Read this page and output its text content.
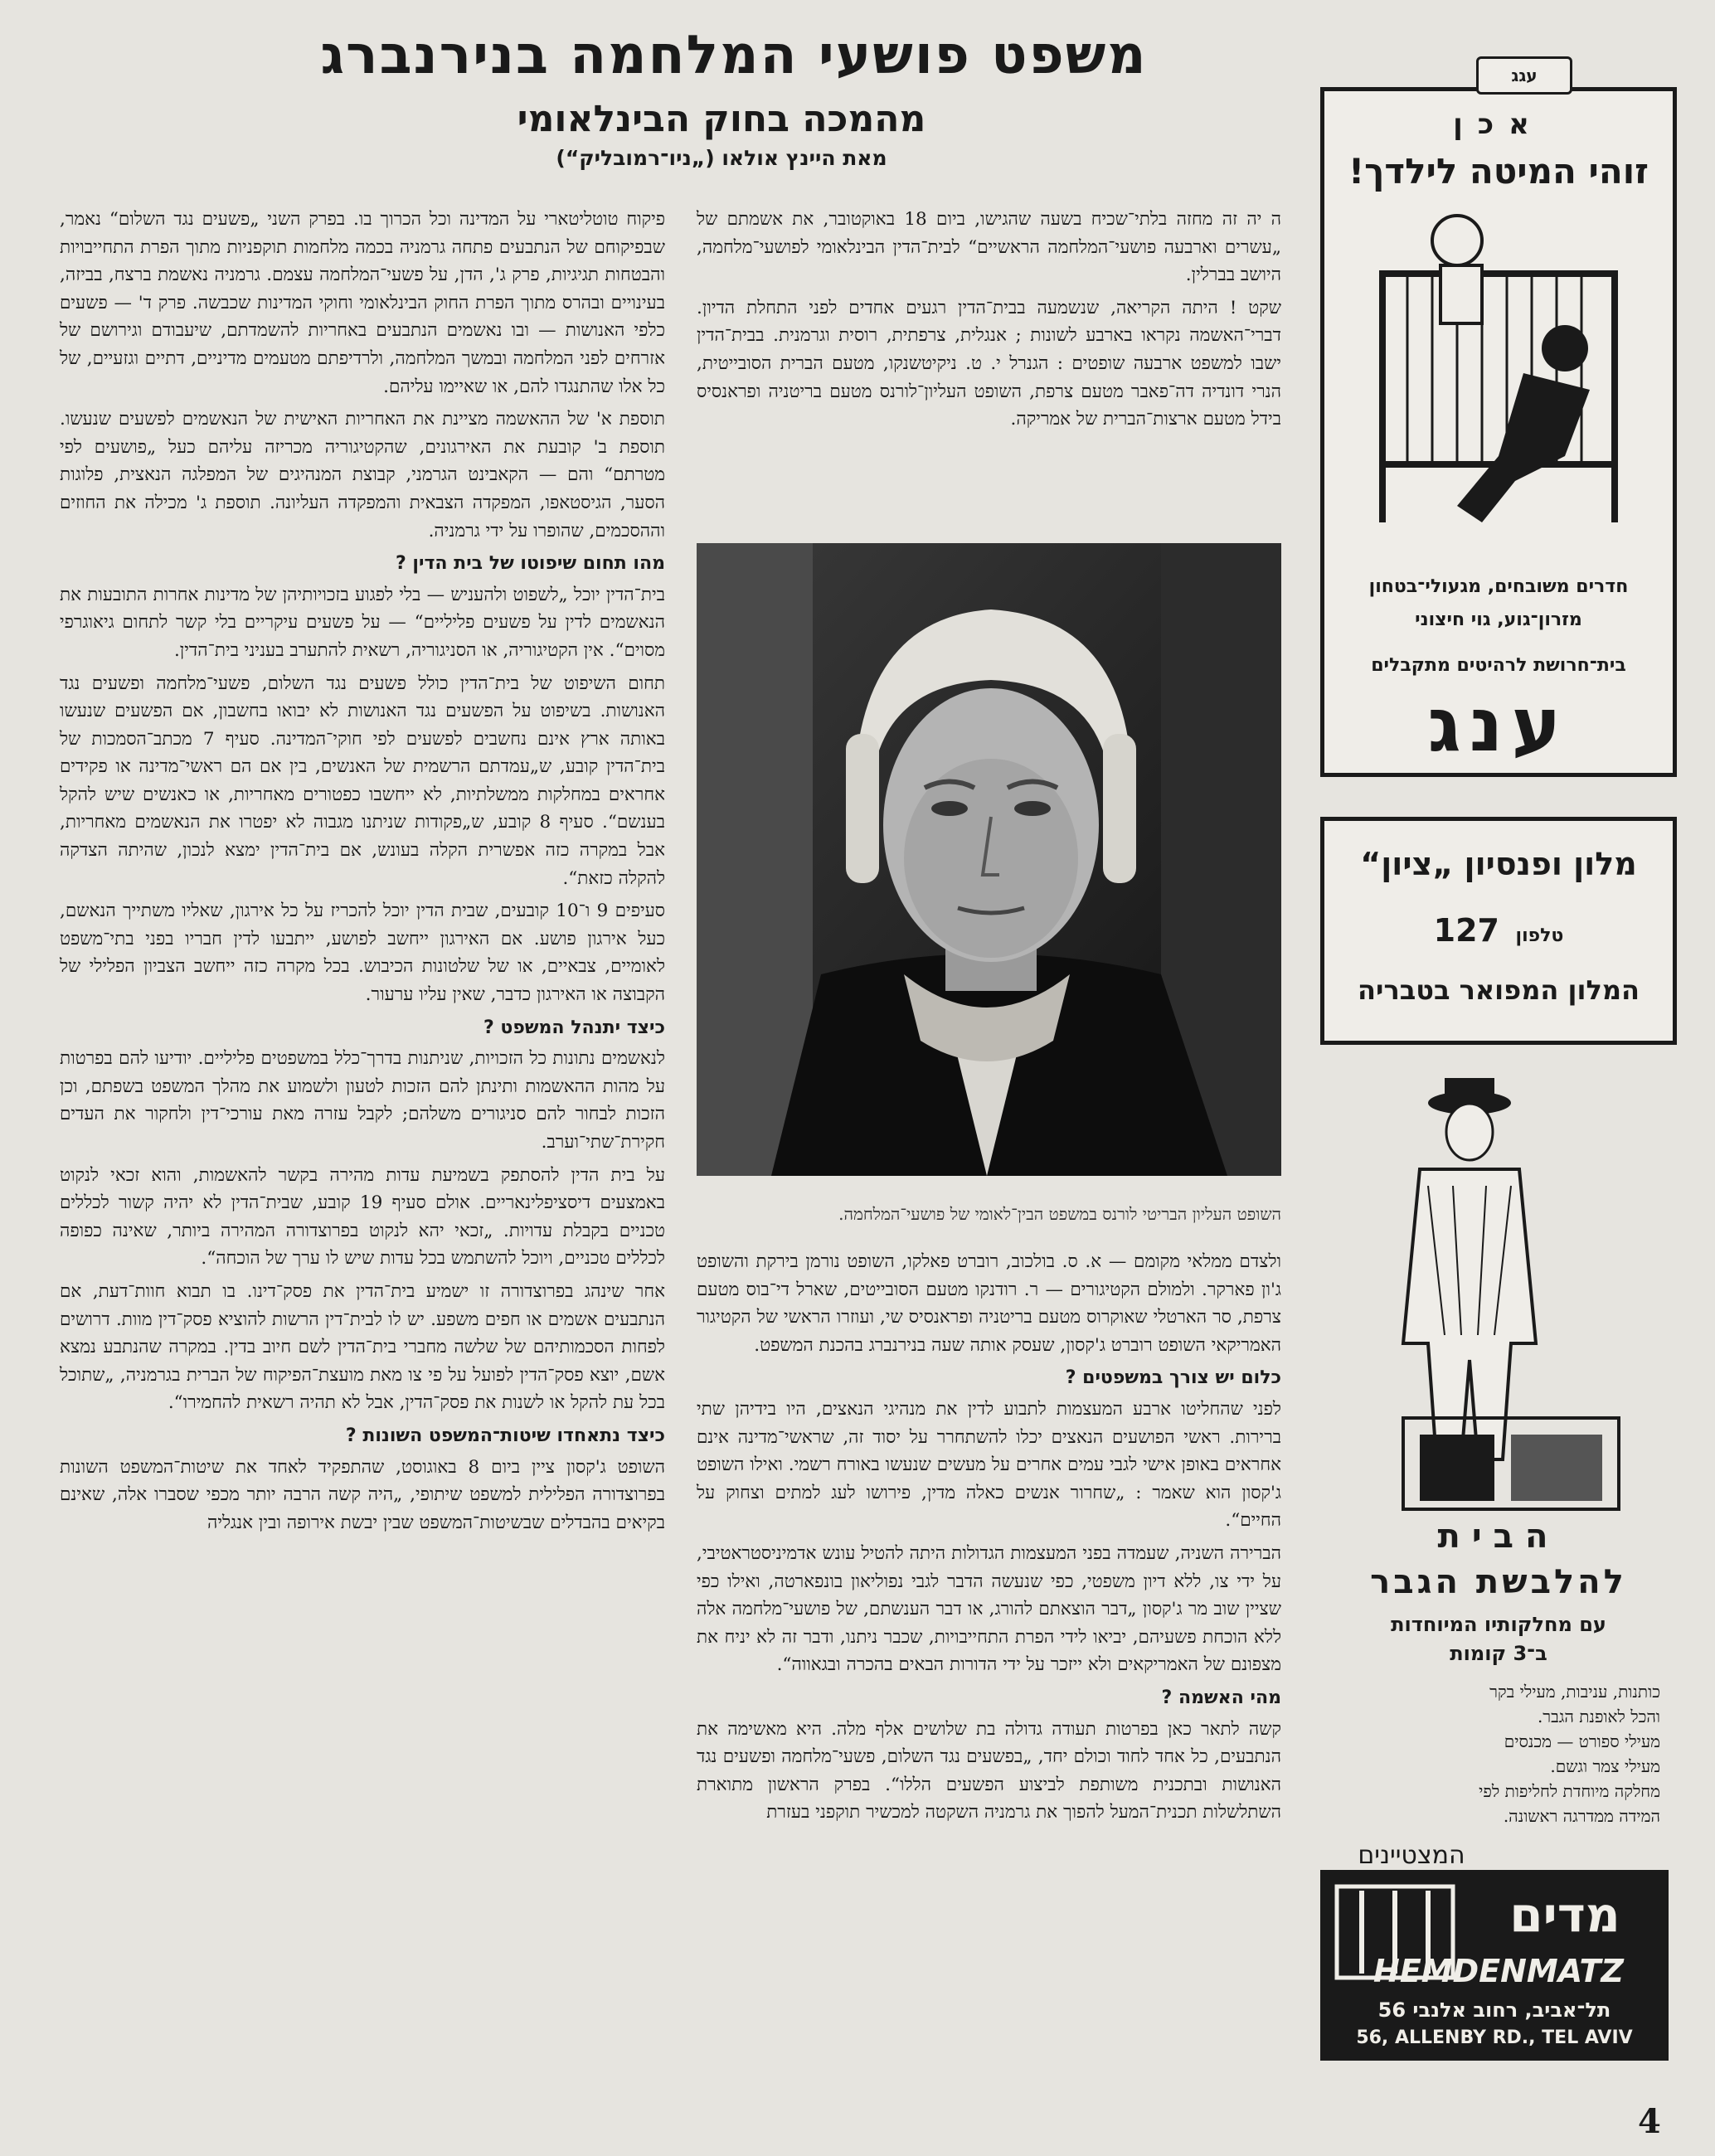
משפט פושעי המלחמה בנירנברג
מהמכה בחוק הבינלאומי
מאת היינץ אולאו („ניו־רמובליק“)

ה יה זה מחזה בלתי־שכיח בשעה שהגישו, ביום 18 באוקטובר, את אשמתם של „עשרים וארבעה פושעי־המלחמה הראשיים“ לבית־הדין הבינלאומי לפושעי־מלחמה, היושב בברלין.

שקט ! היתה הקריאה, שנשמעה בבית־הדין רגעים אחדים לפני התחלת הדיון. דברי־האשמה נקראו בארבע לשונות ; אנגלית, צרפתית, רוסית וגרמנית. בבית־הדין ישבו למשפט ארבעה שופטים : הגנרל י. ט. ניקיטשנקו, מטעם הברית הסובייטית, הנרי דונדיה דה־פאבר מטעם צרפת, השופט העליון־לורנס מטעם בריטניה ופראנסיס בידל מטעם ארצות־הברית של אמריקה.

השופט העליון הבריטי לורנס במשפט הבין־לאומי של פושעי־המלחמה.

ולצדם ממלאי מקומם — א. ס. בולכוב, רוברט פאלקו, השופט נורמן בירקת והשופט ג'ון פארקר. ולמולם הקטיגורים — ר. רודנקו מטעם הסובייטים, שארל די־בוס מטעם צרפת, סר הארטלי שאוקרוס מטעם בריטניה ופראנסיס שי, ועוזרו הראשי של הקטיגור האמריקאי השופט רוברט ג'קסון, שעסק אותה שעה בנירנברג בהכנת המשפט.

כלום יש צורך במשפטים ?

לפני שהחליטו ארבע המעצמות לתבוע לדין את מנהיגי הנאצים, היו בידיהן שתי ברירות. ראשי הפושעים הנאצים יכלו להשתחרר על יסוד זה, שראשי־מדינה אינם אחראים באופן אישי לגבי עמים אחרים על מעשים שנעשו באורח רשמי. ואילו השופט ג'קסון הוא שאמר : „שחרור אנשים כאלה מדין, פירושו לעג למתים וצחוק על החיים“.

הברירה השניה, שעמדה בפני המעצמות הגדולות היתה להטיל עונש אדמיניסטראטיבי, על ידי צו, ללא דיון משפטי, כפי שנעשה הדבר לגבי נפוליאון בונפארטה, ואילו כפי שציין שוב מר ג'קסון „דבר הוצאתם להורג, או דבר הענשתם, של פושעי־מלחמה אלה ללא הוכחת פשעיהם, יביאו לידי הפרת התחייבויות, שכבר ניתנו, ודבר זה לא יניח את מצפונם של האמריקאים ולא ייזכר על ידי הדורות הבאים בהכרה ובגאווה“.

מהי האשמה ?

קשה לתאר כאן בפרטות תעודה גדולה בת שלושים אלף מלה. היא מאשימה את הנתבעים, כל אחד לחוד וכולם יחד, „בפשעים נגד השלום, פשעי־מלחמה ופשעים נגד האנושות ובתכנית משותפת לביצוע הפשעים הללו“. בפרק הראשון מתוארת השתלשלות תכנית־המעל להפוך את גרמניה השקטה למכשיר תוקפני בעזרת

פיקוח טוטליטארי על המדינה וכל הכרוך בו. בפרק השני „פשעים נגד השלום“ נאמר, שבפיקוחם של הנתבעים פתחה גרמניה בכמה מלחמות תוקפניות מתוך הפרת התחייבויות והבטחות תגיגיות, פרק ג', הדן, על פשעי־המלחמה עצמם. גרמניה נאשמת ברצח, בביזה, בעינויים ובהרס מתוך הפרת החוק הבינלאומי וחוקי המדינות שכבשה. פרק ד' — פשעים כלפי האנושות — ובו נאשמים הנתבעים באחריות להשמדתם, שיעבודם וגירושם של אזרחים לפני המלחמה ובמשך המלחמה, ולרדיפתם מטעמים מדיניים, דתיים וגזעיים, של כל אלו שהתנגדו להם, או שאיימו עליהם.

תוספת א' של ההאשמה מציינת את האחריות האישית של הנאשמים לפשעים שנעשו. תוספת ב' קובעת את האירגונים, שהקטיגוריה מכריזה עליהם כעל „פושעים לפי מטרתם“ והם — הקאבינט הגרמני, קבוצת המנהיגים של המפלגה הנאצית, פלוגות הסער, הגיסטאפו, המפקדה הצבאית והמפקדה העליונה. תוספת ג' מכילה את החוזים וההסכמים, שהופרו על ידי גרמניה.

מהו תחום שיפוטו של בית הדין ?

בית־הדין יוכל „לשפוט ולהעניש — בלי לפגוע בזכויותיהן של מדינות אחרות התובעות את הנאשמים לדין על פשעים פליליים“ — על פשעים עיקריים בלי קשר לתחום גיאוגרפי מסוים“. אין הקטיגוריה, או הסניגוריה, רשאית להתערב בעניני בית־הדין.

תחום השיפוט של בית־הדין כולל פשעים נגד השלום, פשעי־מלחמה ופשעים נגד האנושות. בשיפוט על הפשעים נגד האנושות לא יבואו בחשבון, אם הפשעים שנעשו באותה ארץ אינם נחשבים לפשעים לפי חוקי־המדינה. סעיף 7 מכתב־הסמכות של בית־הדין קובע, ש„עמדתם הרשמית של האנשים, בין אם הם ראשי־מדינה או פקידים אחראים במחלקות ממשלתיות, לא ייחשבו כפטורים מאחריות, או כאנשים שיש להקל בענשם“. סעיף 8 קובע, ש„פקודות שניתנו מגבוה לא יפטרו את הנאשמים מאחריות, אבל במקרה כזה אפשרית הקלה בעונש, אם בית־הדין ימצא לנכון, שהיתה הצדקה להקלה כזאת“.

סעיפים 9 ו־10 קובעים, שבית הדין יוכל להכריז על כל אירגון, שאליו משתייך הנאשם, כעל אירגון פושע. אם האירגון ייחשב לפושע, ייתבעו לדין חבריו בפני בתי־משפט לאומיים, צבאיים, או של שלטונות הכיבוש. בכל מקרה כזה ייחשב הצביון הפלילי של הקבוצה או האירגון כדבר, שאין עליו ערעור.

כיצד יתנהל המשפט ?

לנאשמים נתונות כל הזכויות, שניתנות בדרך־כלל במשפטים פליליים. יודיעו להם בפרטות על מהות ההאשמות ותינתן להם הזכות לטעון ולשמוע את מהלך המשפט בשפתם, וכן הזכות לבחור להם סניגורים משלהם; לקבל עזרה מאת עורכי־דין ולחקור את העדים חקירת־שתי־וערב.

על בית הדין להסתפק בשמיעת עדות מהירה בקשר להאשמות, והוא זכאי לנקוט באמצעים דיסציפלינאריים. אולם סעיף 19 קובע, שבית־הדין לא יהיה קשור לכללים טכניים בקבלת עדויות. „זכאי יהא לנקוט בפרוצדורה המהירה ביותר, שאינה כפופה לכללים טכניים, ויוכל להשתמש בכל עדות שיש לו ערך של הוכחה“.

אחר שינהג בפרוצדורה זו ישמיע בית־הדין את פסק־דינו. בו תבוא חוות־דעת, אם הנתבעים אשמים או חפים משפע. יש לו לבית־דין הרשות להוציא פסק־דין מוות. דרושים לפחות הסכמותיהם של שלשה מחברי בית־הדין לשם חיוב בדין. במקרה שהנתבע נמצא אשם, יוצא פסק־הדין לפועל על פי צו מאת מועצת־הפיקוח של הברית בגרמניה, „שתוכל בכל עת להקל או לשנות את פסק־הדין, אבל לא תהיה רשאית להחמירו“.

כיצד נתאחדו שיטות־המשפט השונות ?

השופט ג'קסון ציין ביום 8 באוגוסט, שהתפקיד לאחד את שיטות־המשפט השונות בפרוצדורה הפלילית למשפט שיתופי, „היה קשה הרבה יותר מכפי שסברו אלה, שאינם בקיאים בהבדלים שבשיטות־המשפט שבין יבשת אירופה ובין אנגליה

אכן
זוהי המיטה לילדך!
חדרים משובחים, מגעולי־בטחון
מזרון־גוע, גוי חיצוני
בית־חרושת לרהיטים מתקבלים
ענג
עגג
מלון ופנסיון „ציון“
טלפון 127
המלון המפואר בטבריה
הבית
להלבשת הגבר
עם מחלקותיו המיוחדות
ב־3 קומות
כותנות, עניבות, מעילי בקר
והכל לאופנת הגבר.
מעילי ספורט — מכנסים
מעילי צמר וגשם.
מחלקה מיוחדת לחליפות לפי
המידה ממדרגה ראשונה.
המצטיינים
מדים
HEMDENMATZ
תל־אביב, רחוב אלנבי 56
56, ALLENBY RD., TEL AVIV
4
